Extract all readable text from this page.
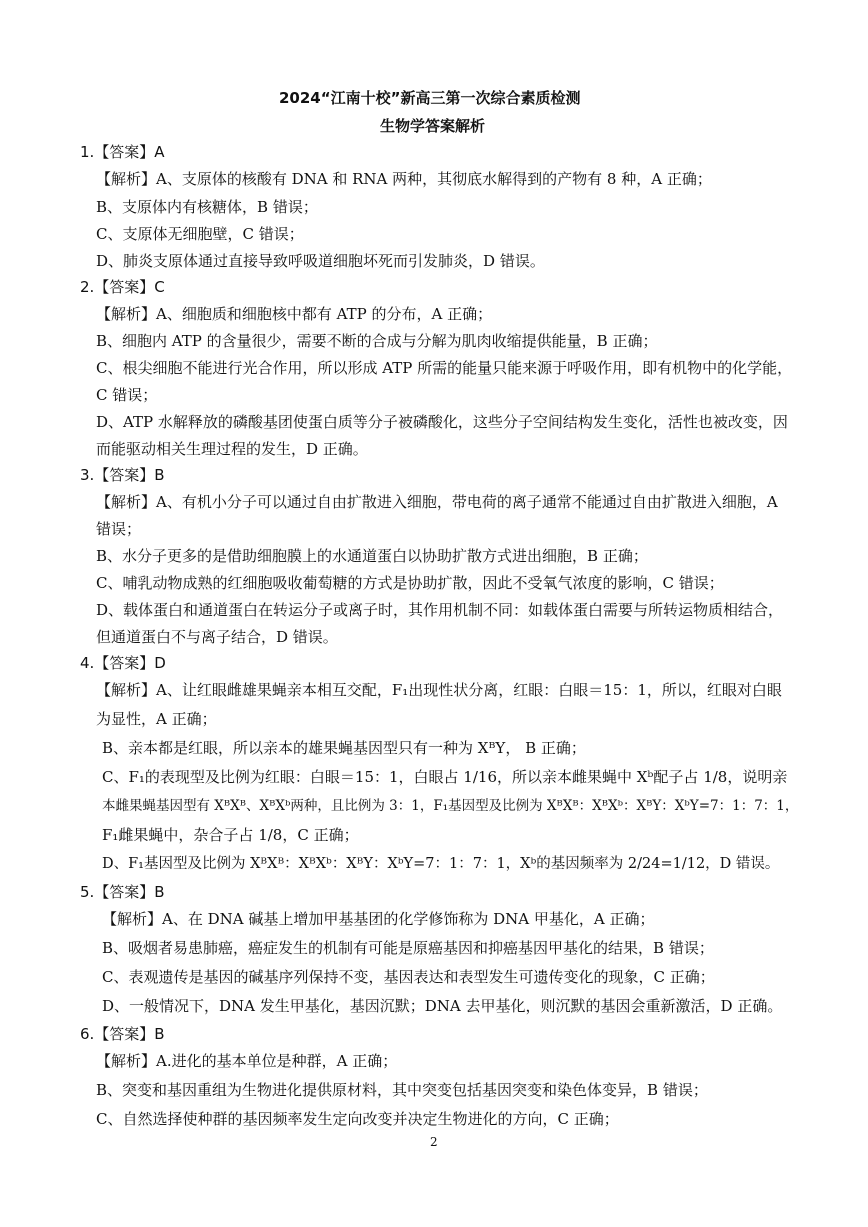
2024“江南十校”新高三第一次综合素质检测
生物学答案解析
1.【答案】A
【解析】A、支原体的核酸有 DNA 和 RNA 两种，其彻底水解得到的产物有 8 种，A 正确；
B、支原体内有核糖体，B 错误；
C、支原体无细胞壁，C 错误；
D、肺炎支原体通过直接导致呼吸道细胞坏死而引发肺炎，D 错误。
2.【答案】C
【解析】A、细胞质和细胞核中都有 ATP 的分布，A 正确；
B、细胞内 ATP 的含量很少，需要不断的合成与分解为肌肉收缩提供能量，B 正确；
C、根尖细胞不能进行光合作用，所以形成 ATP 所需的能量只能来源于呼吸作用，即有机物中的化学能，
C 错误；
D、ATP 水解释放的磷酸基团使蛋白质等分子被磷酸化，这些分子空间结构发生变化，活性也被改变，因
而能驱动相关生理过程的发生，D 正确。
3.【答案】B
【解析】A、有机小分子可以通过自由扩散进入细胞，带电荷的离子通常不能通过自由扩散进入细胞，A
错误；
B、水分子更多的是借助细胞膜上的水通道蛋白以协助扩散方式进出细胞，B 正确；
C、哺乳动物成熟的红细胞吸收葡萄糖的方式是协助扩散，因此不受氧气浓度的影响，C 错误；
D、载体蛋白和通道蛋白在转运分子或离子时，其作用机制不同：如载体蛋白需要与所转运物质相结合，
但通道蛋白不与离子结合，D 错误。
4.【答案】D
【解析】A、让红眼雌雄果蝇亲本相互交配，F₁出现性状分离，红眼：白眼＝15：1，所以，红眼对白眼
为显性，A 正确；
B、亲本都是红眼，所以亲本的雄果蝇基因型只有一种为 XᴮY， B 正确；
C、F₁的表现型及比例为红眼：白眼＝15：1，白眼占 1/16，所以亲本雌果蝇中 Xᵇ配子占 1/8，说明亲
本雌果蝇基因型有 XᴮXᴮ、XᴮXᵇ两种，且比例为 3：1，F₁基因型及比例为 XᴮXᴮ：XᴮXᵇ：XᴮY：XᵇY=7：1：7：1，
F₁雌果蝇中，杂合子占 1/8，C 正确；
D、F₁基因型及比例为 XᴮXᴮ：XᴮXᵇ：XᴮY：XᵇY=7：1：7：1，Xᵇ的基因频率为 2/24=1/12，D 错误。
5.【答案】B
【解析】A、在 DNA 碱基上增加甲基基团的化学修饰称为 DNA 甲基化，A 正确；
B、吸烟者易患肺癌，癌症发生的机制有可能是原癌基因和抑癌基因甲基化的结果，B 错误；
C、表观遗传是基因的碱基序列保持不变，基因表达和表型发生可遗传变化的现象，C 正确；
D、一般情况下，DNA 发生甲基化，基因沉默；DNA 去甲基化，则沉默的基因会重新激活，D 正确。
6.【答案】B
【解析】A.进化的基本单位是种群，A 正确；
B、突变和基因重组为生物进化提供原材料，其中突变包括基因突变和染色体变异，B 错误；
C、自然选择使种群的基因频率发生定向改变并决定生物进化的方向，C 正确；
2
